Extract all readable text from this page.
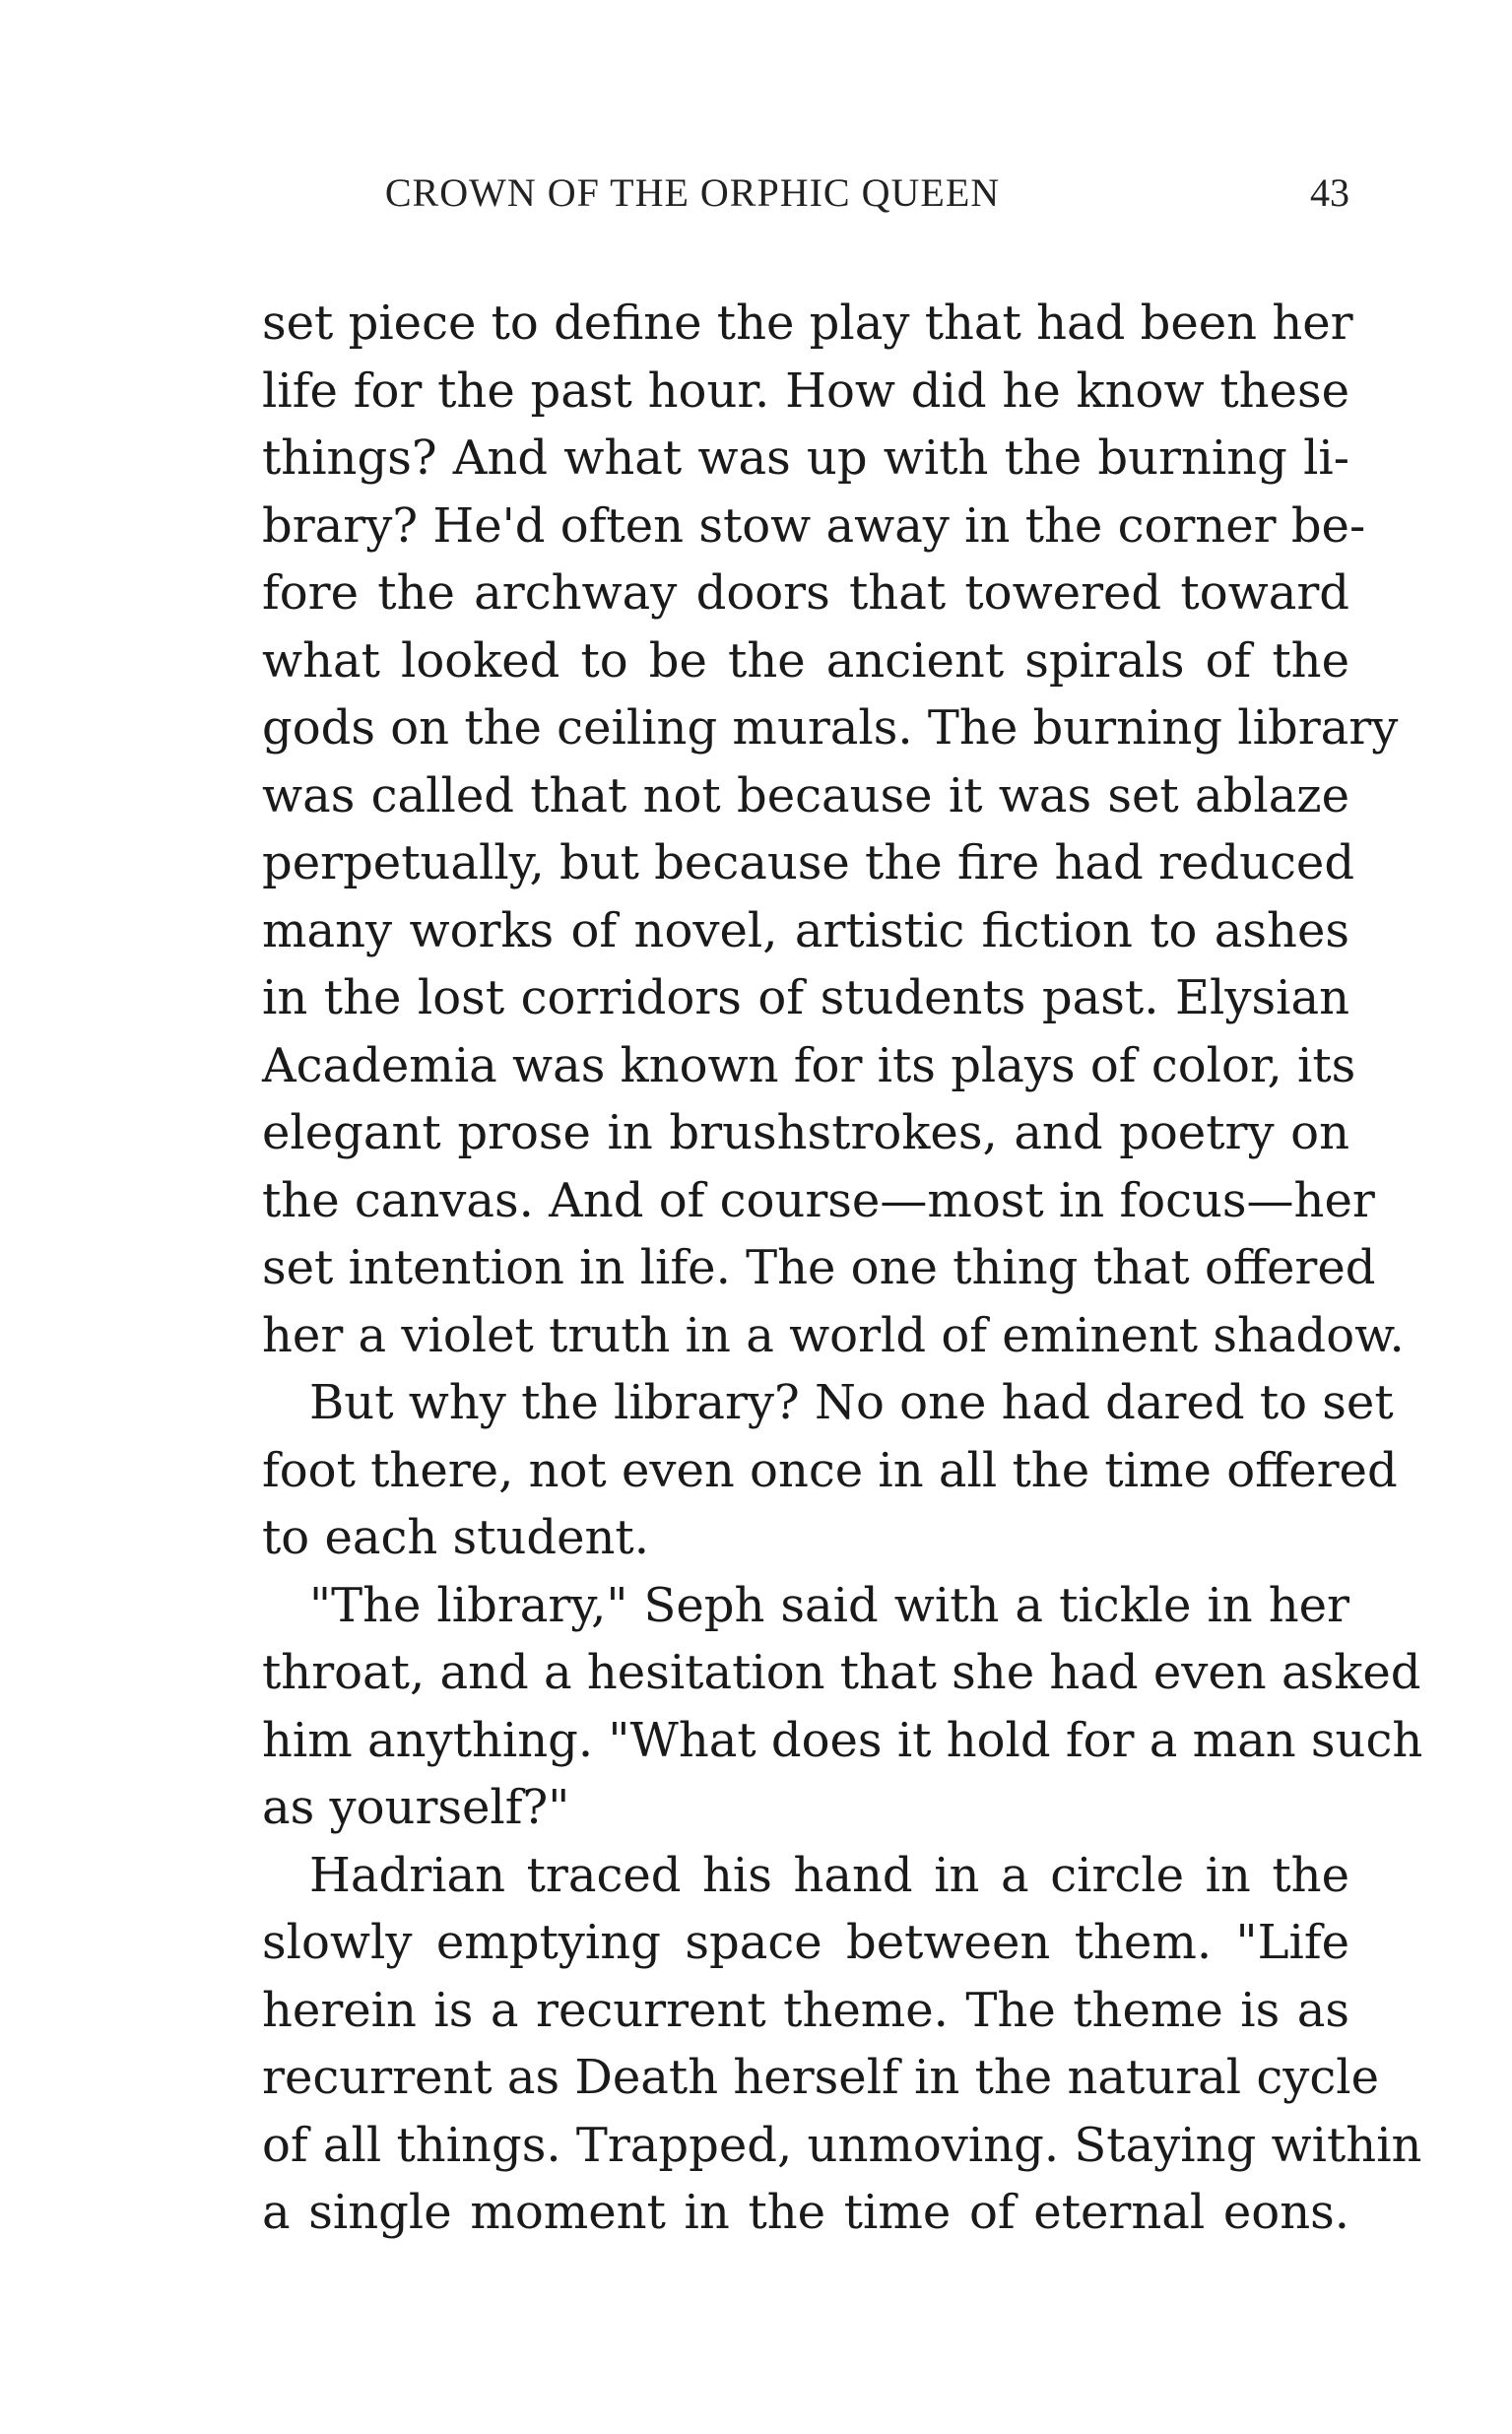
CROWN OF THE ORPHIC QUEEN	43
set piece to define the play that had been her
life for the past hour. How did he know these
things? And what was up with the burning li-
brary? He'd often stow away in the corner be-
fore the archway doors that towered toward
what looked to be the ancient spirals of the
gods on the ceiling murals. The burning library
was called that not because it was set ablaze
perpetually, but because the fire had reduced
many works of novel, artistic fiction to ashes
in the lost corridors of students past. Elysian
Academia was known for its plays of color, its
elegant prose in brushstrokes, and poetry on
the canvas. And of course—most in focus—her
set intention in life. The one thing that offered
her a violet truth in a world of eminent shadow.
But why the library? No one had dared to set
foot there, not even once in all the time offered
to each student.
"The library," Seph said with a tickle in her
throat, and a hesitation that she had even asked
him anything. "What does it hold for a man such
as yourself?"
Hadrian traced his hand in a circle in the
slowly emptying space between them. "Life
herein is a recurrent theme. The theme is as
recurrent as Death herself in the natural cycle
of all things. Trapped, unmoving. Staying within
a single moment in the time of eternal eons.
